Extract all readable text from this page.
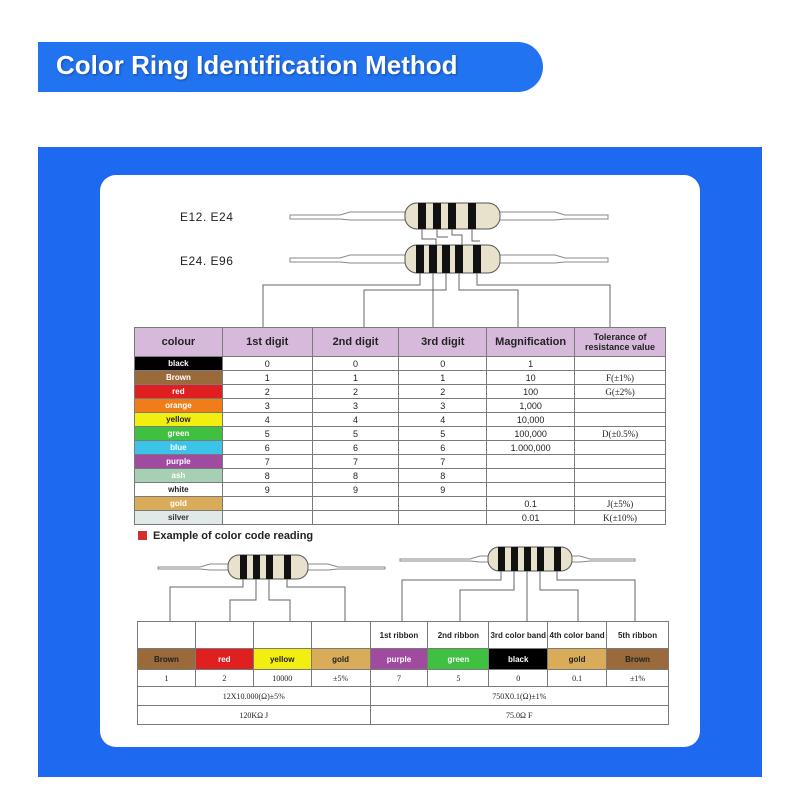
Color Ring Identification Method
E12. E24
E24. E96
colour	1st digit	2nd digit	3rd digit	Magnification	Tolerance of resistance value
black	0	0	0	1	
Brown	1	1	1	10	F(±1%)
red	2	2	2	100	G(±2%)
orange	3	3	3	1,000	
yellow	4	4	4	10,000	
green	5	5	5	100,000	D(±0.5%)
blue	6	6	6	1.000,000	
purple	7	7	7		
ash	8	8	8		
white	9	9	9		
gold				0.1	J(±5%)
silver				0.01	K(±10%)
Example of color code reading
				1st ribbon	2nd ribbon	3rd color band	4th color band	5th ribbon
Brown	red	yellow	gold	purple	green	black	gold	Brown
1	2	10000	±5%	7	5	0	0.1	±1%
12X10.000(Ω)±5%				750X0.1(Ω)±1%				
120KΩ J				75.0Ω F				
